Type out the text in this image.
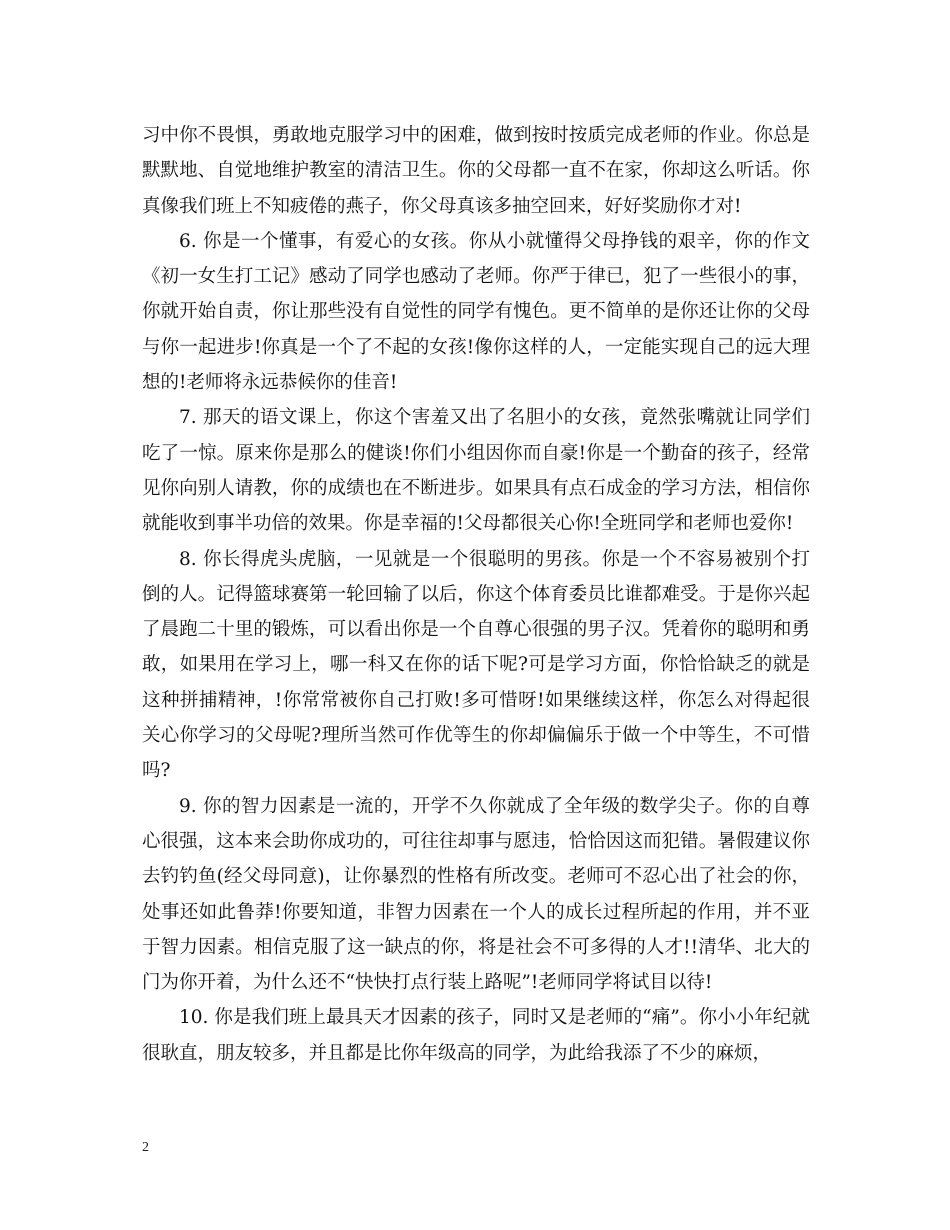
习中你不畏惧，勇敢地克服学习中的困难，做到按时按质完成老师的作业。你总是默默地、自觉地维护教室的清洁卫生。你的父母都一直不在家，你却这么听话。你真像我们班上不知疲倦的燕子，你父母真该多抽空回来，好好奖励你才对!

6. 你是一个懂事，有爱心的女孩。你从小就懂得父母挣钱的艰辛，你的作文《初一女生打工记》感动了同学也感动了老师。你严于律已，犯了一些很小的事，你就开始自责，你让那些没有自觉性的同学有愧色。更不简单的是你还让你的父母与你一起进步!你真是一个了不起的女孩!像你这样的人，一定能实现自己的远大理想的!老师将永远恭候你的佳音!

7. 那天的语文课上，你这个害羞又出了名胆小的女孩，竟然张嘴就让同学们吃了一惊。原来你是那么的健谈!你们小组因你而自豪!你是一个勤奋的孩子，经常见你向别人请教，你的成绩也在不断进步。如果具有点石成金的学习方法，相信你就能收到事半功倍的效果。你是幸福的!父母都很关心你!全班同学和老师也爱你!

8. 你长得虎头虎脑，一见就是一个很聪明的男孩。你是一个不容易被别个打倒的人。记得篮球赛第一轮回输了以后，你这个体育委员比谁都难受。于是你兴起了晨跑二十里的锻炼，可以看出你是一个自尊心很强的男子汉。凭着你的聪明和勇敢，如果用在学习上，哪一科又在你的话下呢?可是学习方面，你恰恰缺乏的就是这种拼捕精神，!你常常被你自己打败!多可惜呀!如果继续这样，你怎么对得起很关心你学习的父母呢?理所当然可作优等生的你却偏偏乐于做一个中等生，不可惜吗?

9. 你的智力因素是一流的，开学不久你就成了全年级的数学尖子。你的自尊心很强，这本来会助你成功的，可往往却事与愿违，恰恰因这而犯错。暑假建议你去钓钓鱼(经父母同意)，让你暴烈的性格有所改变。老师可不忍心出了社会的你，处事还如此鲁莽!你要知道，非智力因素在一个人的成长过程所起的作用，并不亚于智力因素。相信克服了这一缺点的你，将是社会不可多得的人才!!清华、北大的门为你开着，为什么还不“快快打点行装上路呢”!老师同学将试目以待!

10. 你是我们班上最具天才因素的孩子，同时又是老师的“痛”。你小小年纪就很耿直，朋友较多，并且都是比你年级高的同学，为此给我添了不少的麻烦，

2
